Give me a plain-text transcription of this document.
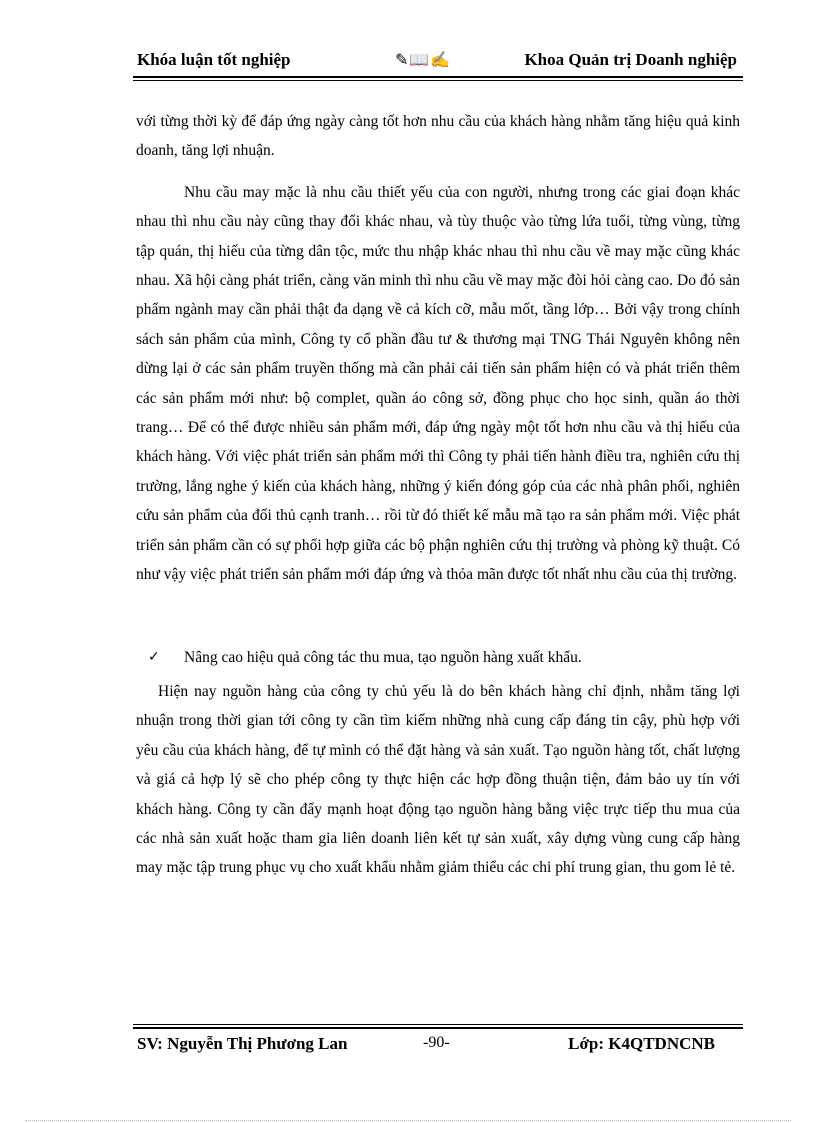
Khóa luận tốt nghiệp	✎📖✍	Khoa Quản trị Doanh nghiệp

với từng thời kỳ để đáp ứng ngày càng tốt hơn nhu cầu của khách hàng nhằm tăng hiệu quả kinh doanh, tăng lợi nhuận.

Nhu cầu may mặc là nhu cầu thiết yếu của con người, nhưng trong các giai đoạn khác nhau thì nhu cầu này cũng thay đổi khác nhau, và tùy thuộc vào từng lứa tuổi, từng vùng, từng tập quán, thị hiếu của từng dân tộc, mức thu nhập khác nhau thì nhu cầu về may mặc cũng khác nhau. Xã hội càng phát triển, càng văn minh thì nhu cầu về may mặc đòi hỏi càng cao. Do đó sản phẩm ngành may cần phải thật đa dạng về cả kích cỡ, mẫu mốt, tầng lớp… Bởi vậy trong chính sách sản phẩm của mình, Công ty cổ phần đầu tư & thương mại TNG Thái Nguyên không nên dừng lại ở các sản phẩm truyền thống mà cần phải cải tiến sản phẩm hiện có và phát triển thêm các sản phẩm mới như: bộ complet, quần áo công sở, đồng phục cho học sinh, quần áo thời trang… Để có thể được nhiều sản phẩm mới, đáp ứng ngày một tốt hơn nhu cầu và thị hiếu của khách hàng. Với việc phát triển sản phẩm mới thì Công ty phải tiến hành điều tra, nghiên cứu thị trường, lắng nghe ý kiến của khách hàng, những ý kiến đóng góp của các nhà phân phối, nghiên cứu sản phẩm của đối thủ cạnh tranh… rồi từ đó thiết kế mẫu mã tạo ra sản phẩm mới. Việc phát triển sản phẩm cần có sự phối hợp giữa các bộ phận nghiên cứu thị trường và phòng kỹ thuật. Có như vậy việc phát triển sản phẩm mới đáp ứng và thỏa mãn được tốt nhất nhu cầu của thị trường.

✓ Nâng cao hiệu quả công tác thu mua, tạo nguồn hàng xuất khẩu.

Hiện nay nguồn hàng của công ty chủ yếu là do bên khách hàng chỉ định, nhằm tăng lợi nhuận trong thời gian tới công ty cần tìm kiếm những nhà cung cấp đáng tin cậy, phù hợp với yêu cầu của khách hàng, để tự mình có thể đặt hàng và sản xuất. Tạo nguồn hàng tốt, chất lượng và giá cả hợp lý sẽ cho phép công ty thực hiện các hợp đồng thuận tiện, đảm bảo uy tín với khách hàng. Công ty cần đẩy mạnh hoạt động tạo nguồn hàng bằng việc trực tiếp thu mua của các nhà sản xuất hoặc tham gia liên doanh liên kết tự sản xuất, xây dựng vùng cung cấp hàng may mặc tập trung phục vụ cho xuất khẩu nhằm giảm thiểu các chi phí trung gian, thu gom lẻ tẻ.

SV: Nguyễn Thị Phương Lan	-90-	Lớp: K4QTDNCNB
